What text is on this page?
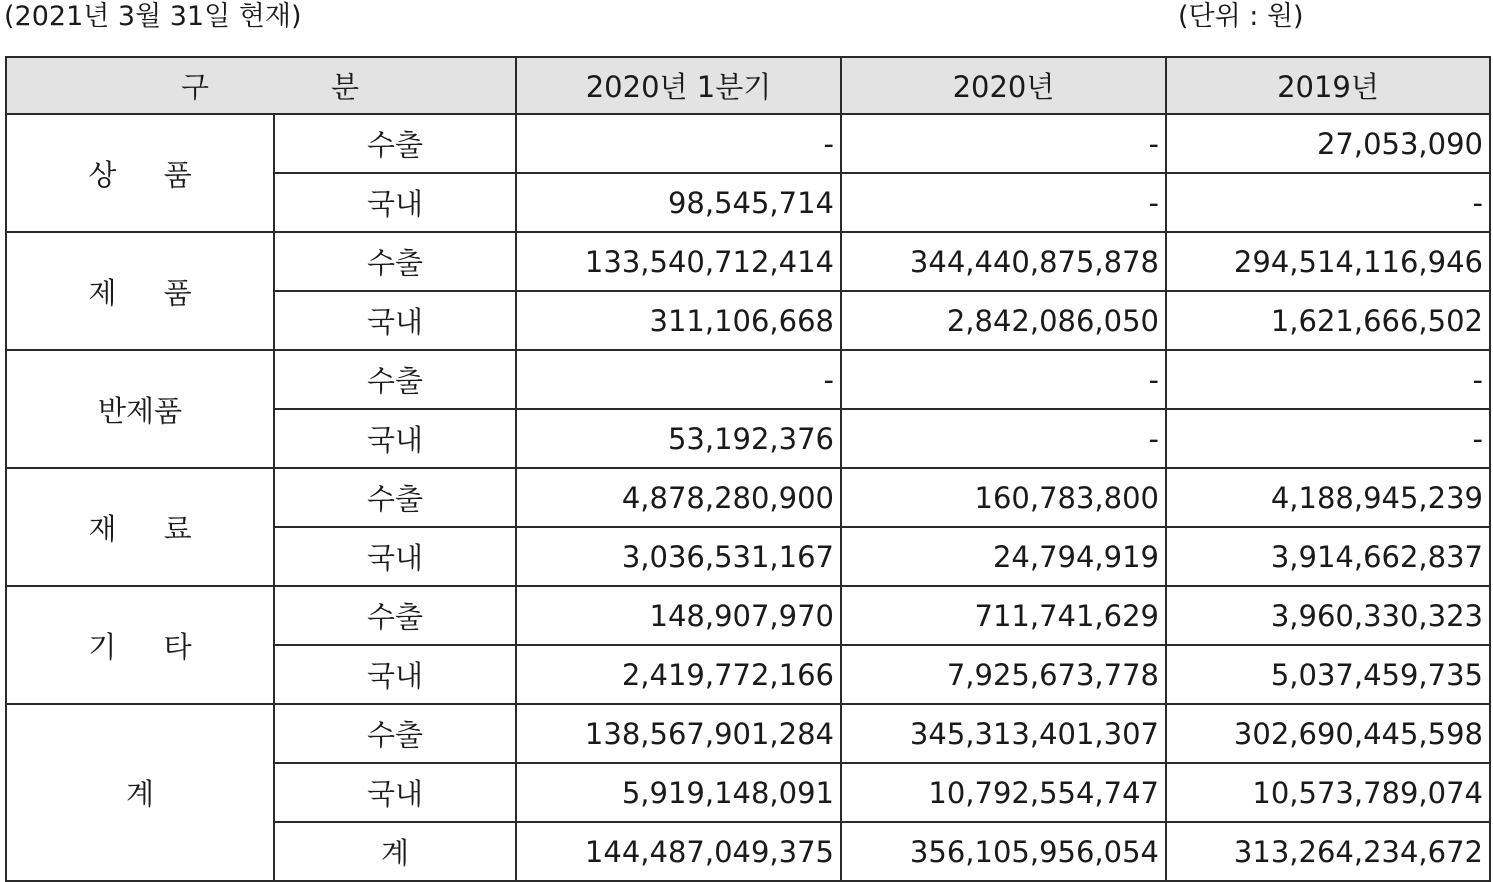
(2021년 3월 31일 현재)	(단위 : 원)
구 분		2020년 1분기	2020년	2019년
상 품	수출	-	-	27,053,090
	국내	98,545,714	-	-
제 품	수출	133,540,712,414	344,440,875,878	294,514,116,946
	국내	311,106,668	2,842,086,050	1,621,666,502
반제품	수출	-	-	-
	국내	53,192,376	-	-
재 료	수출	4,878,280,900	160,783,800	4,188,945,239
	국내	3,036,531,167	24,794,919	3,914,662,837
기 타	수출	148,907,970	711,741,629	3,960,330,323
	국내	2,419,772,166	7,925,673,778	5,037,459,735
계	수출	138,567,901,284	345,313,401,307	302,690,445,598
	국내	5,919,148,091	10,792,554,747	10,573,789,074
	계	144,487,049,375	356,105,956,054	313,264,234,672
